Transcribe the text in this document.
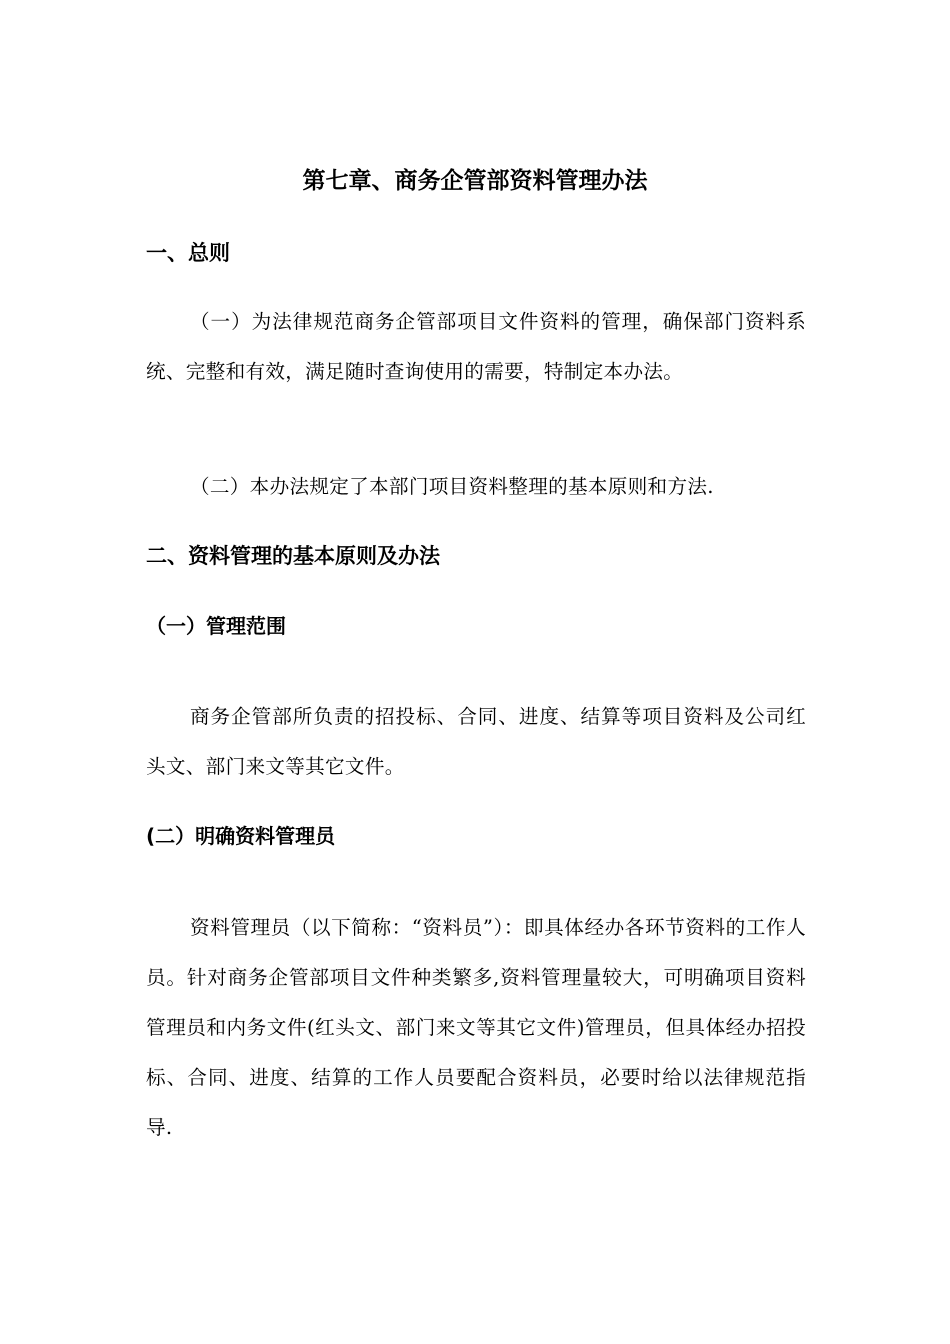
第七章、商务企管部资料管理办法
一、总则

（一）为法律规范商务企管部项目文件资料的管理，确保部门资料系统、完整和有效，满足随时查询使用的需要，特制定本办法。

（二）本办法规定了本部门项目资料整理的基本原则和方法.

二、资料管理的基本原则及办法
（一）管理范围

商务企管部所负责的招投标、合同、进度、结算等项目资料及公司红头文、部门来文等其它文件。

(二）明确资料管理员

资料管理员（以下简称：“资料员”）：即具体经办各环节资料的工作人员。针对商务企管部项目文件种类繁多,资料管理量较大，可明确项目资料管理员和内务文件(红头文、部门来文等其它文件)管理员，但具体经办招投标、合同、进度、结算的工作人员要配合资料员，必要时给以法律规范指导.
